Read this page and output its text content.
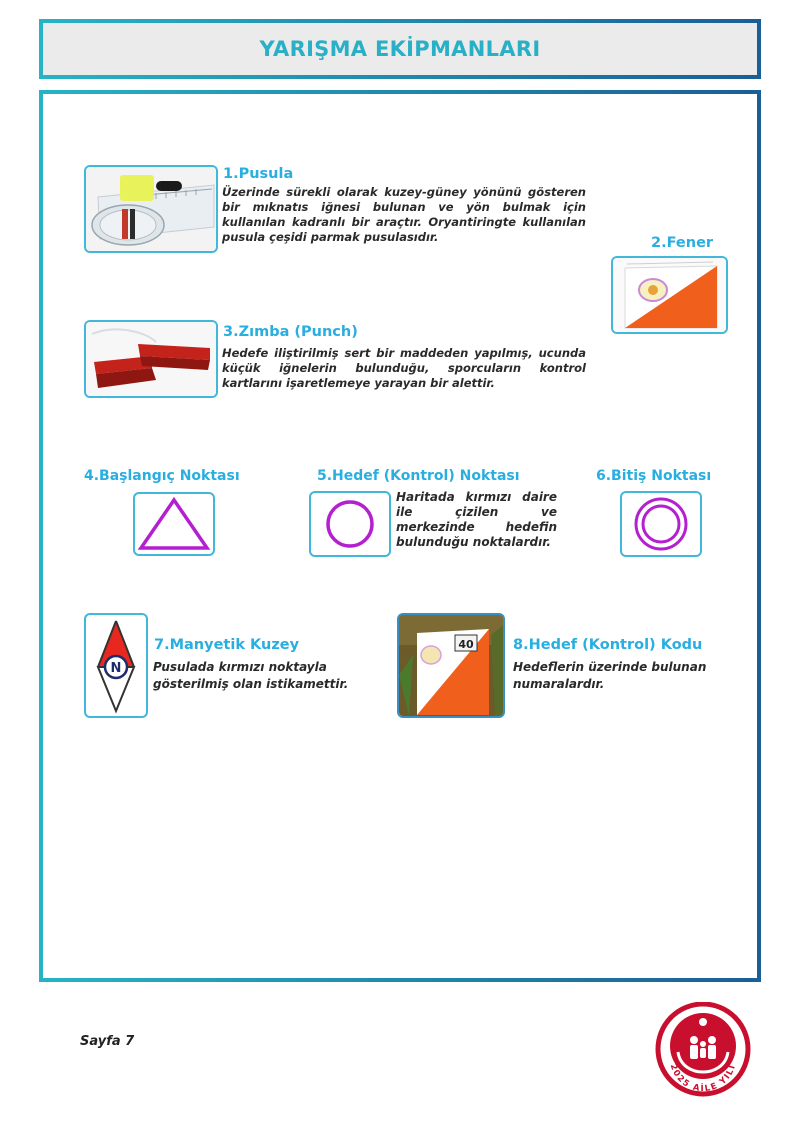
YARIŞMA EKİPMANLARI
1.Pusula
Üzerinde sürekli olarak kuzey-güney yönünü gösteren bir mıknatıs iğnesi bulunan ve yön bulmak için kullanılan kadranlı bir araçtır. Oryantiringte kullanılan pusula çeşidi parmak pusulasıdır.	2.Fener
3.Zımba (Punch)
Hedefe iliştirilmiş sert bir maddeden yapılmış, ucunda küçük iğnelerin bulunduğu, sporcuların kontrol kartlarını işaretlemeye yarayan bir alettir.
4.Başlangıç Noktası	5.Hedef (Kontrol) Noktası
Haritada kırmızı daire ile çizilen ve merkezinde hedefin bulunduğu noktalardır.
6.Bitiş Noktası
N
7.Manyetik Kuzey
Pusulada kırmızı noktayla gösterilmiş olan istikamettir.
40	8.Hedef (Kontrol) Kodu
Hedeflerin üzerinde bulunan numaralardır.
Sayfa 7
2025 AİLE YILI
